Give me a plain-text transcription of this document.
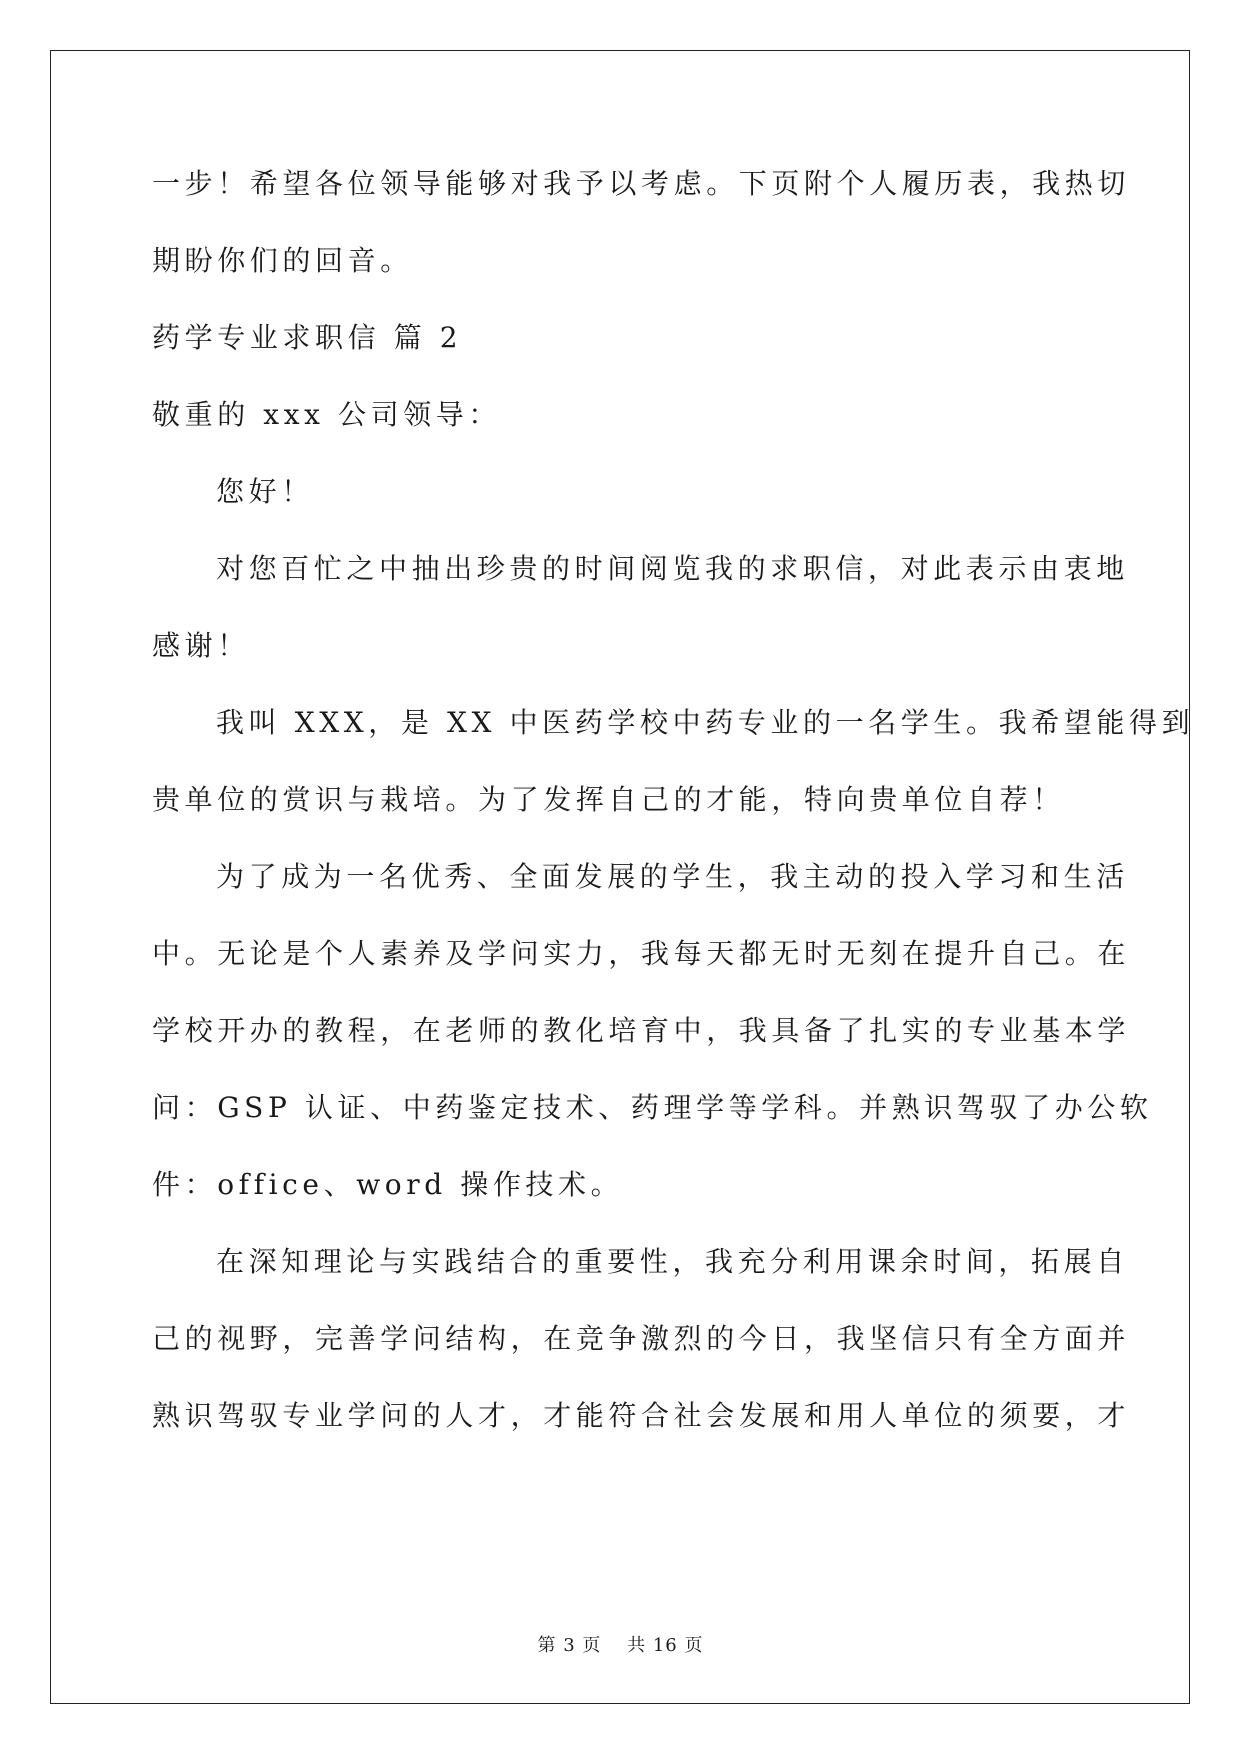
一步！希望各位领导能够对我予以考虑。下页附个人履历表，我热切
期盼你们的回音。
药学专业求职信 篇 2
敬重的 xxx 公司领导：
您好！
对您百忙之中抽出珍贵的时间阅览我的求职信，对此表示由衷地
感谢！
我叫 XXX，是 XX 中医药学校中药专业的一名学生。我希望能得到
贵单位的赏识与栽培。为了发挥自己的才能，特向贵单位自荐！
为了成为一名优秀、全面发展的学生，我主动的投入学习和生活
中。无论是个人素养及学问实力，我每天都无时无刻在提升自己。在
学校开办的教程，在老师的教化培育中，我具备了扎实的专业基本学
问：GSP 认证、中药鉴定技术、药理学等学科。并熟识驾驭了办公软
件：office、word 操作技术。
在深知理论与实践结合的重要性，我充分利用课余时间，拓展自
己的视野，完善学问结构，在竞争激烈的今日，我坚信只有全方面并
熟识驾驭专业学问的人才，才能符合社会发展和用人单位的须要，才
第 3 页　 共 16 页
